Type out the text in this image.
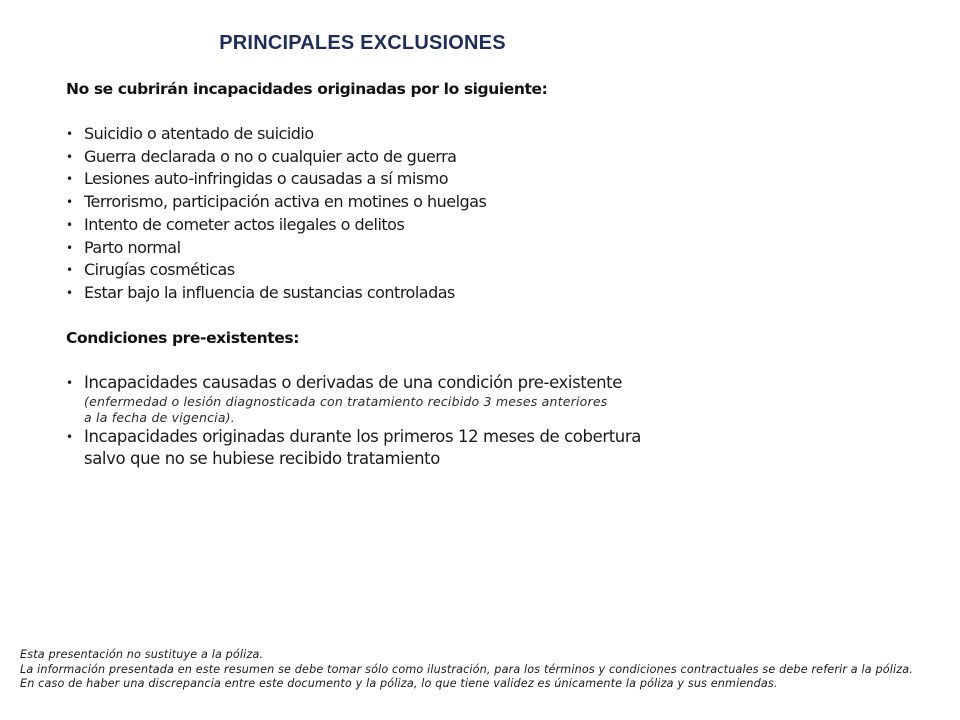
PRINCIPALES EXCLUSIONES
No se cubrirán incapacidades originadas por lo siguiente:
• Suicidio o atentado de suicidio
• Guerra declarada o no o cualquier acto de guerra
• Lesiones auto-infringidas o causadas a sí mismo
• Terrorismo, participación activa en motines o huelgas
• Intento de cometer actos ilegales o delitos
• Parto normal
• Cirugías cosméticas
• Estar bajo la influencia de sustancias controladas
Condiciones pre-existentes:
• Incapacidades causadas o derivadas de una condición pre-existente
(enfermedad o lesión diagnosticada con tratamiento recibido 3 meses anteriores
a la fecha de vigencia).
• Incapacidades originadas durante los primeros 12 meses de cobertura
salvo que no se hubiese recibido tratamiento

Esta presentación no sustituye a la póliza.

La información presentada en este resumen se debe tomar sólo como ilustración, para los términos y condiciones contractuales se debe referir a la póliza.

En caso de haber una discrepancia entre este documento y la póliza, lo que tiene validez es únicamente la póliza y sus enmiendas.
